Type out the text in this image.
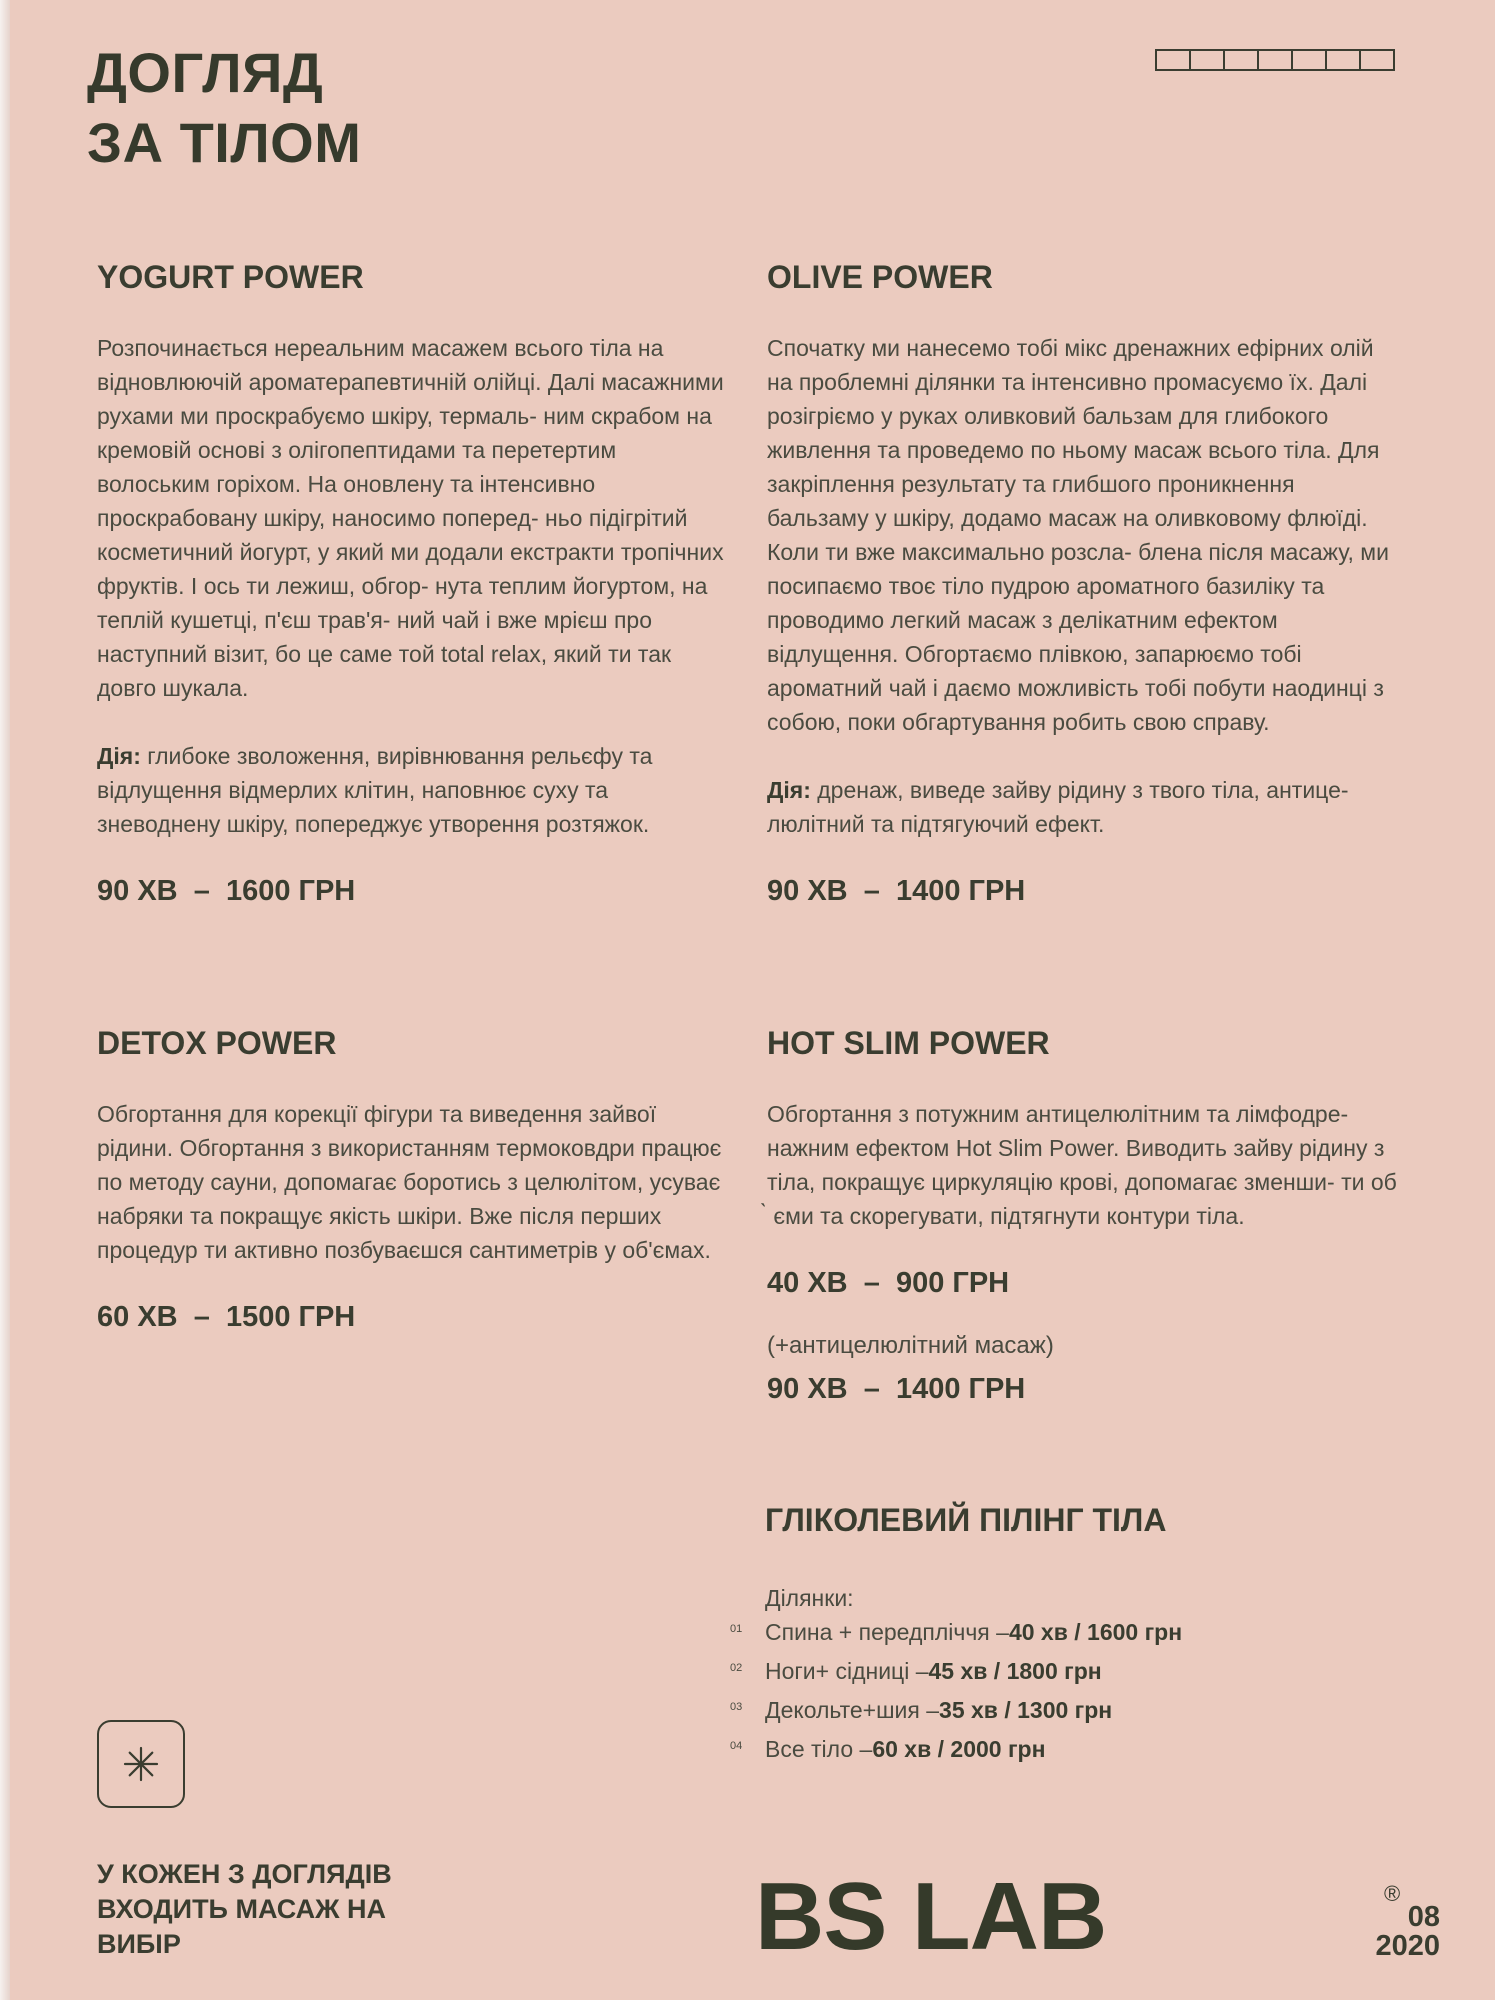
ДОГЛЯД
ЗА ТІЛОМ
YOGURT POWER

Розпочинається нереальним масажем всього тіла на відновлюючій ароматерапевтичній олійці. Далі масажними рухами ми проскрабуємо шкіру, термаль- ним скрабом на кремовій основі з олігопептидами та перетертим волоським горіхом. На оновлену та інтенсивно проскрабовану шкіру, наносимо поперед- ньо підігрітий косметичний йогурт, у який ми додали екстракти тропічних фруктів. І ось ти лежиш, обгор- нута теплим йогуртом, на теплій кушетці, п'єш трав'я- ний чай і вже мрієш про наступний візит, бо це саме той total relax, який ти так довго шукала.

Дія: глибоке зволоження, вирівнювання рельєфу та відлущення відмерлих клітин, наповнює суху та зневоднену шкіру, попереджує утворення розтяжок.

90 ХВ  –  1600 ГРН
OLIVE POWER

Спочатку ми нанесемо тобі мікс дренажних ефірних олій на проблемні ділянки та інтенсивно промасуємо їх. Далі розігріємо у руках оливковий бальзам для глибокого живлення та проведемо по ньому масаж всього тіла. Для закріплення результату та глибшого проникнення бальзаму у шкіру, додамо масаж на оливковому флюїді. Коли ти вже максимально розсла- блена після масажу, ми посипаємо твоє тіло пудрою ароматного базиліку та проводимо легкий масаж з делікатним ефектом відлущення. Обгортаємо плівкою, запарюємо тобі ароматний чай і даємо можливість тобі побути наодинці з собою, поки обгартування робить свою справу.

Дія: дренаж, виведе зайву рідину з твого тіла, антице- люлітний та підтягуючий ефект.

90 ХВ  –  1400 ГРН
DETOX POWER

Обгортання для корекції фігури та виведення зайвої рідини. Обгортання з використанням термоковдри працює по методу сауни, допомагає боротись з целюлітом, усуває набряки та покращує якість шкіри. Вже після перших процедур ти активно позбуваєшся сантиметрів у об'ємах.

60 ХВ  –  1500 ГРН
HOT SLIM POWER

Обгортання з потужним антицелюлітним та лімфодре- нажним ефектом Hot Slim Power. Виводить зайву рідину з тіла, покращує циркуляцію крові, допомагає зменши- ти об ̀ єми та скорегувати, підтягнути контури тіла.

40 ХВ  –  900 ГРН
(+антицелюлітний масаж)
90 ХВ  –  1400 ГРН
ГЛІКОЛЕВИЙ ПІЛІНГ ТІЛА
Ділянки:
01 Спина + передпліччя – 40 хв / 1600 грн
02 Ноги+ сідниці – 45 хв / 1800 грн
03 Декольте+шия – 35 хв / 1300 грн
04 Все тіло – 60 хв / 2000 грн
У КОЖЕН З ДОГЛЯДІВ
ВХОДИТЬ МАСАЖ НА
ВИБІР	BS LAB	®
08
2020
